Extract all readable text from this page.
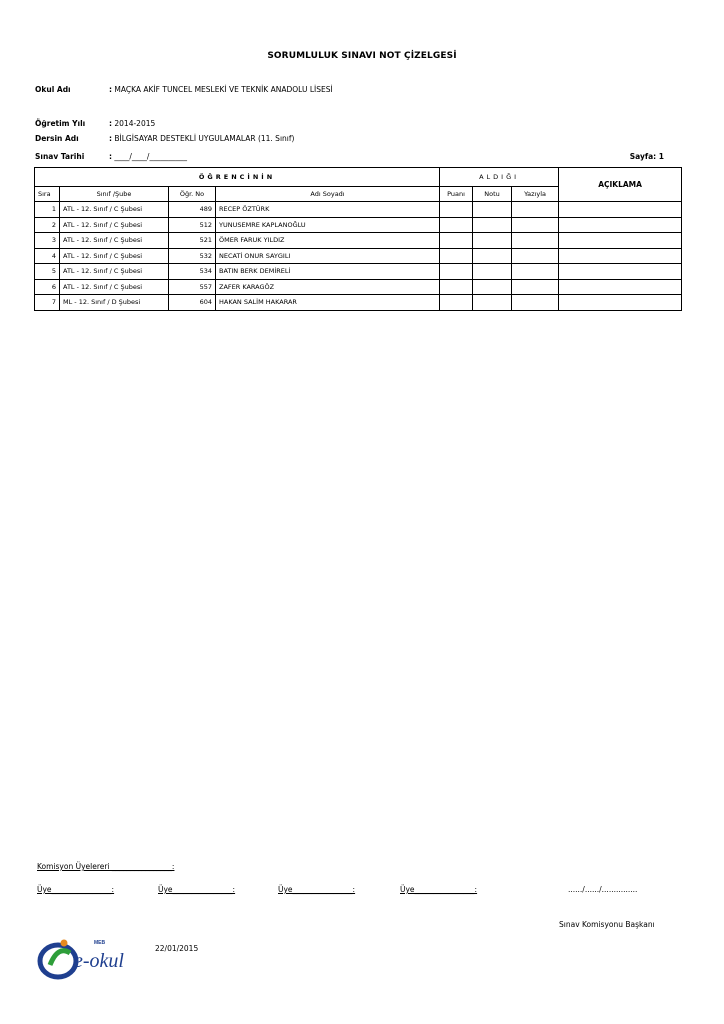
SORUMLULUK SINAVI NOT ÇİZELGESİ
Okul Adı	: MAÇKA AKİF TUNCEL MESLEKİ VE TEKNİK ANADOLU LİSESİ
Öğretim Yılı	: 2014-2015
Dersin Adı	: BİLGİSAYAR DESTEKLİ UYGULAMALAR (11. Sınıf)
Sınav Tarihi	: ____/____/__________	Sayfa: 1
ÖĞRENCİNİN				ALDIĞI			AÇIKLAMA
Sıra	Sınıf /Şube	Öğr. No	Adı Soyadı	Puanı	Notu	Yazıyla	
1	ATL - 12. Sınıf / C Şubesi	489	RECEP ÖZTÜRK				
2	ATL - 12. Sınıf / C Şubesi	512	YUNUSEMRE KAPLANOĞLU				
3	ATL - 12. Sınıf / C Şubesi	521	ÖMER FARUK YILDIZ				
4	ATL - 12. Sınıf / C Şubesi	532	NECATİ ONUR SAYGILI				
5	ATL - 12. Sınıf / C Şubesi	534	BATIN BERK DEMİRELİ				
6	ATL - 12. Sınıf / C Şubesi	557	ZAFER KARAGÖZ				
7	ML - 12. Sınıf / D Şubesi	604	HAKAN SALİM HAKARAR				
Komisyon Üyelereri ________________:
Üye________________:	Üye________________:	Üye________________:	Üye________________:	....../....../...............
Sınav Komisyonu Başkanı
MEB
e-okul
22/01/2015
